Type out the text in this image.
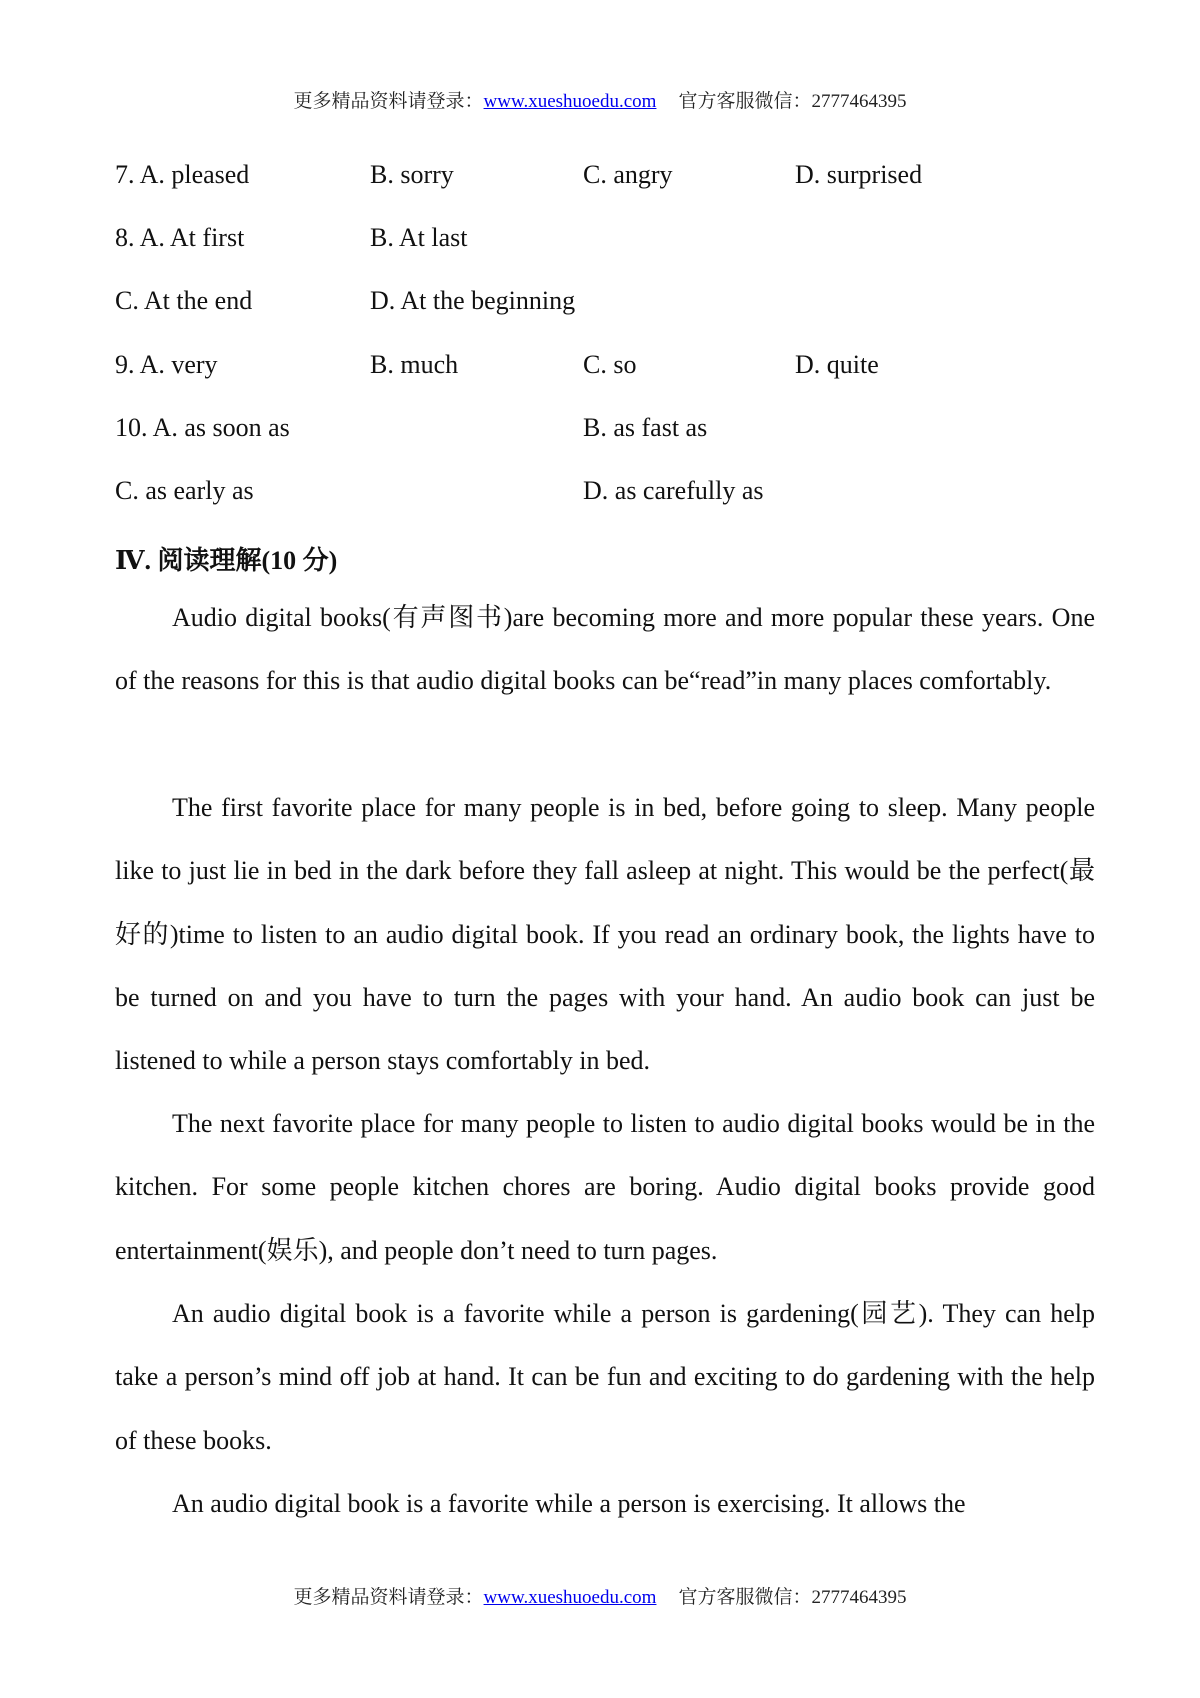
更多精品资料请登录：www.xueshuoedu.com 官方客服微信：2777464395
7. A. pleased	B. sorry	C. angry	D. surprised
8. A. At first	B. At last
C. At the end	D. At the beginning
9. A. very	B. much	C. so	D. quite
10. A. as soon as	B. as fast as
C. as early as	D. as carefully as
Ⅳ. 阅读理解(10 分)

Audio digital books(有声图书)are becoming more and more popular these years. One of the reasons for this is that audio digital books can be“read”in many places comfortably.

The first favorite place for many people is in bed, before going to sleep. Many people like to just lie in bed in the dark before they fall asleep at night. This would be the perfect(最好的)time to listen to an audio digital book. If you read an ordinary book, the lights have to be turned on and you have to turn the pages with your hand. An audio book can just be listened to while a person stays comfortably in bed.

The next favorite place for many people to listen to audio digital books would be in the kitchen. For some people kitchen chores are boring. Audio digital books provide good entertainment(娱乐), and people don’t need to turn pages.

An audio digital book is a favorite while a person is gardening(园艺). They can help take a person’s mind off job at hand. It can be fun and exciting to do gardening with the help of these books.

An audio digital book is a favorite while a person is exercising. It allows the

更多精品资料请登录：www.xueshuoedu.com 官方客服微信：2777464395
